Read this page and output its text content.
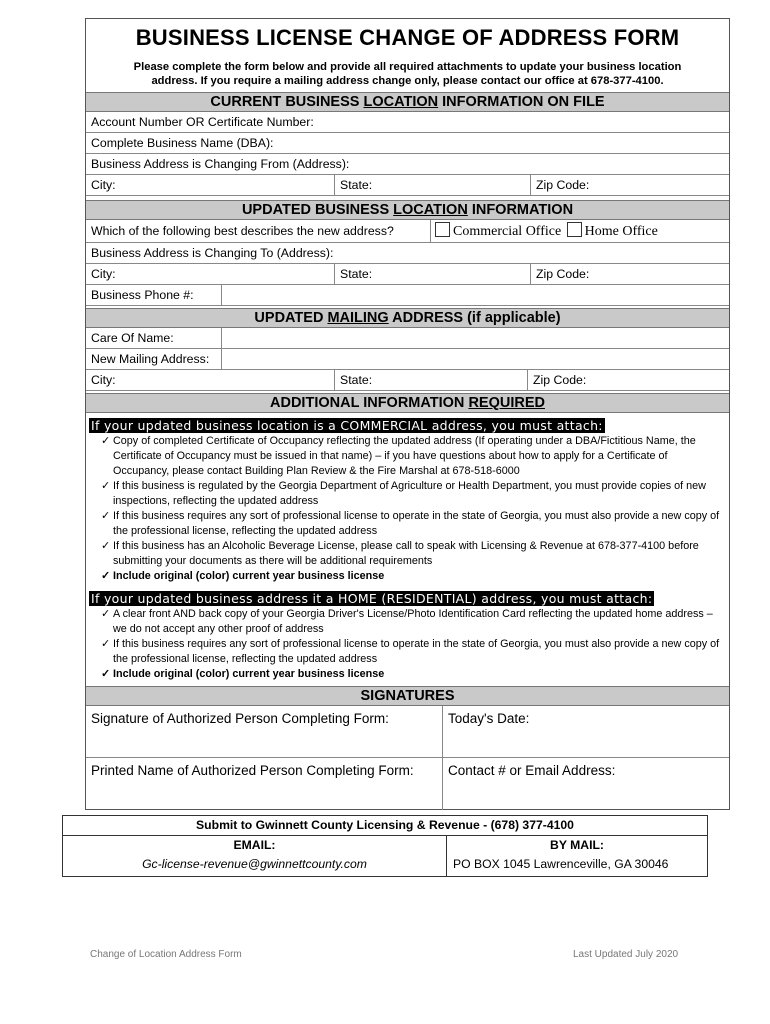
BUSINESS LICENSE CHANGE OF ADDRESS FORM
Please complete the form below and provide all required attachments to update your business location
address. If you require a mailing address change only, please contact our office at 678-377-4100.
CURRENT BUSINESS LOCATION INFORMATION ON FILE
Account Number OR Certificate Number:
Complete Business Name (DBA):
Business Address is Changing From (Address):
City:	State:	Zip Code:
UPDATED BUSINESS LOCATION INFORMATION
Which of the following best describes the new address?	Commercial Office Home Office
Business Address is Changing To (Address):
City:	State:	Zip Code:
Business Phone #:
UPDATED MAILING ADDRESS (if applicable)
Care Of Name:
New Mailing Address:
City:	State:	Zip Code:
ADDITIONAL INFORMATION REQUIRED
If your updated business location is a COMMERCIAL address, you must attach:
✓ Copy of completed Certificate of Occupancy reflecting the updated address (If operating under a DBA/Fictitious Name, the Certificate of Occupancy must be issued in that name) – if you have questions about how to apply for a Certificate of Occupancy, please contact Building Plan Review & the Fire Marshal at 678-518-6000
✓ If this business is regulated by the Georgia Department of Agriculture or Health Department, you must provide copies of new inspections, reflecting the updated address
✓ If this business requires any sort of professional license to operate in the state of Georgia, you must also provide a new copy of the professional license, reflecting the updated address
✓ If this business has an Alcoholic Beverage License, please call to speak with Licensing & Revenue at 678-377-4100 before submitting your documents as there will be additional requirements
✓ Include original (color) current year business license
If your updated business address it a HOME (RESIDENTIAL) address, you must attach:
✓ A clear front AND back copy of your Georgia Driver's License/Photo Identification Card reflecting the updated home address – we do not accept any other proof of address
✓ If this business requires any sort of professional license to operate in the state of Georgia, you must also provide a new copy of the professional license, reflecting the updated address
✓ Include original (color) current year business license
SIGNATURES
Signature of Authorized Person Completing Form:	Today's Date:
Printed Name of Authorized Person Completing Form:	Contact # or Email Address:
Submit to Gwinnett County Licensing & Revenue - (678) 377-4100
EMAIL:
Gc-license-revenue@gwinnettcounty.com
BY MAIL:
PO BOX 1045 Lawrenceville, GA 30046
Change of Location Address Form	Last Updated July 2020
